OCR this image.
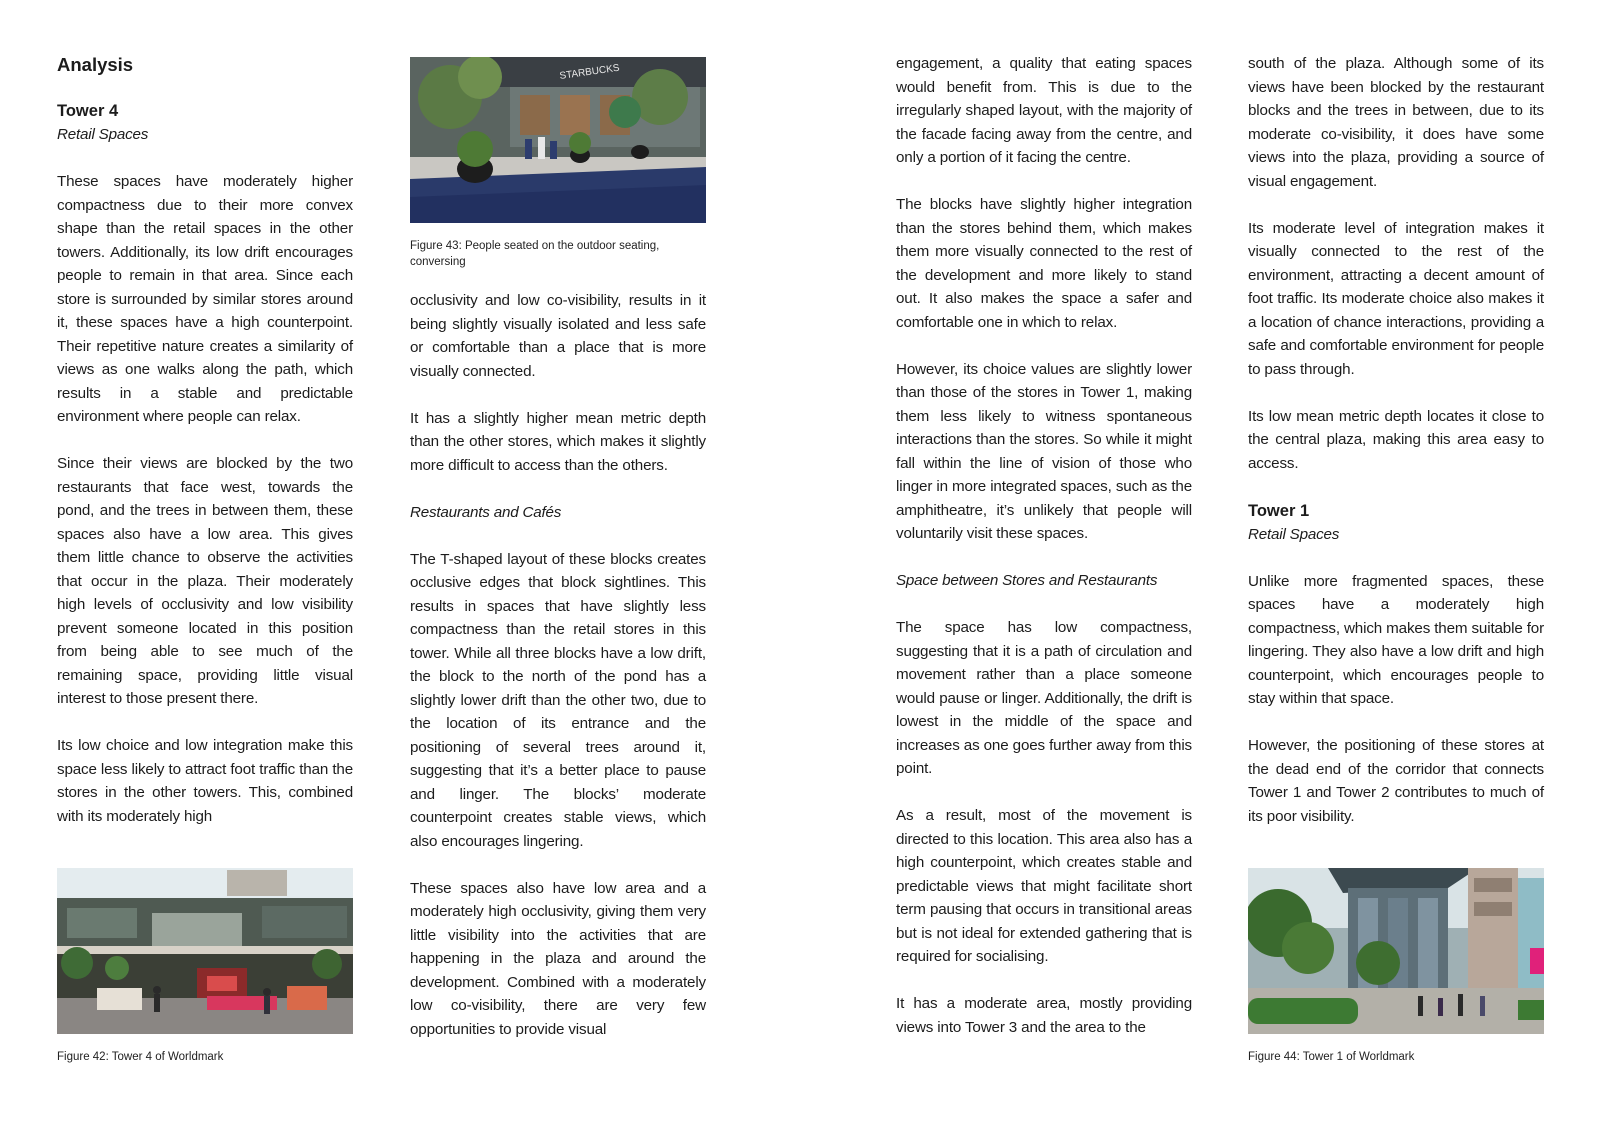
Analysis
Tower 4
Retail Spaces

These spaces have moderately higher compactness due to their more convex shape than the retail spaces in the other towers. Additionally, its low drift encourages people to remain in that area. Since each store is surrounded by similar stores around it, these spaces have a high counterpoint. Their repetitive nature creates a similarity of views as one walks along the path, which results in a stable and predictable environment where people can relax.

Since their views are blocked by the two restaurants that face west, towards the pond, and the trees in between them, these spaces also have a low area. This gives them little chance to observe the activities that occur in the plaza. Their moderately high levels of occlusivity and low visibility prevent someone located in this position from being able to see much of the remaining space, providing little visual interest to those present there.

Its low choice and low integration make this space less likely to attract foot traffic than the stores in the other towers. This, combined with its moderately high

Figure 42: Tower 4 of Worldmark
STARBUCKS
Figure 43: People seated on the outdoor seating, conversing

occlusivity and low co-visibility, results in it being slightly visually isolated and less safe or comfortable than a place that is more visually connected.

It has a slightly higher mean metric depth than the other stores, which makes it slightly more difficult to access than the others.

Restaurants and Cafés

The T-shaped layout of these blocks creates occlusive edges that block sightlines. This results in spaces that have slightly less compactness than the retail stores in this tower. While all three blocks have a low drift, the block to the north of the pond has a slightly lower drift than the other two, due to the location of its entrance and the positioning of several trees around it, suggesting that it’s a better place to pause and linger. The blocks’ moderate counterpoint creates stable views, which also encourages lingering.

These spaces also have low area and a moderately high occlusivity, giving them very little visibility into the activities that are happening in the plaza and around the development. Combined with a moderately low co-visibility, there are very few opportunities to provide visual

engagement, a quality that eating spaces would benefit from. This is due to the irregularly shaped layout, with the majority of the facade facing away from the centre, and only a portion of it facing the centre.

The blocks have slightly higher integration than the stores behind them, which makes them more visually connected to the rest of the development and more likely to stand out. It also makes the space a safer and comfortable one in which to relax.

However, its choice values are slightly lower than those of the stores in Tower 1, making them less likely to witness spontaneous interactions than the stores. So while it might fall within the line of vision of those who linger in more integrated spaces, such as the amphitheatre, it’s unlikely that people will voluntarily visit these spaces.

Space between Stores and Restaurants

The space has low compactness, suggesting that it is a path of circulation and movement rather than a place someone would pause or linger. Additionally, the drift is lowest in the middle of the space and increases as one goes further away from this point.

As a result, most of the movement is directed to this location. This area also has a high counterpoint, which creates stable and predictable views that might facilitate short term pausing that occurs in transitional areas but is not ideal for extended gathering that is required for socialising.

It has a moderate area, mostly providing views into Tower 3 and the area to the

south of the plaza. Although some of its views have been blocked by the restaurant blocks and the trees in between, due to its moderate co-visibility, it does have some views into the plaza, providing a source of visual engagement.

Its moderate level of integration makes it visually connected to the rest of the environment, attracting a decent amount of foot traffic. Its moderate choice also makes it a location of chance interactions, providing a safe and comfortable environment for people to pass through.

Its low mean metric depth locates it close to the central plaza, making this area easy to access.

Tower 1
Retail Spaces

Unlike more fragmented spaces, these spaces have a moderately high compactness, which makes them suitable for lingering. They also have a low drift and high counterpoint, which encourages people to stay within that space.

However, the positioning of these stores at the dead end of the corridor that connects Tower 1 and Tower 2 contributes to much of its poor visibility.

Figure 44: Tower 1 of Worldmark
